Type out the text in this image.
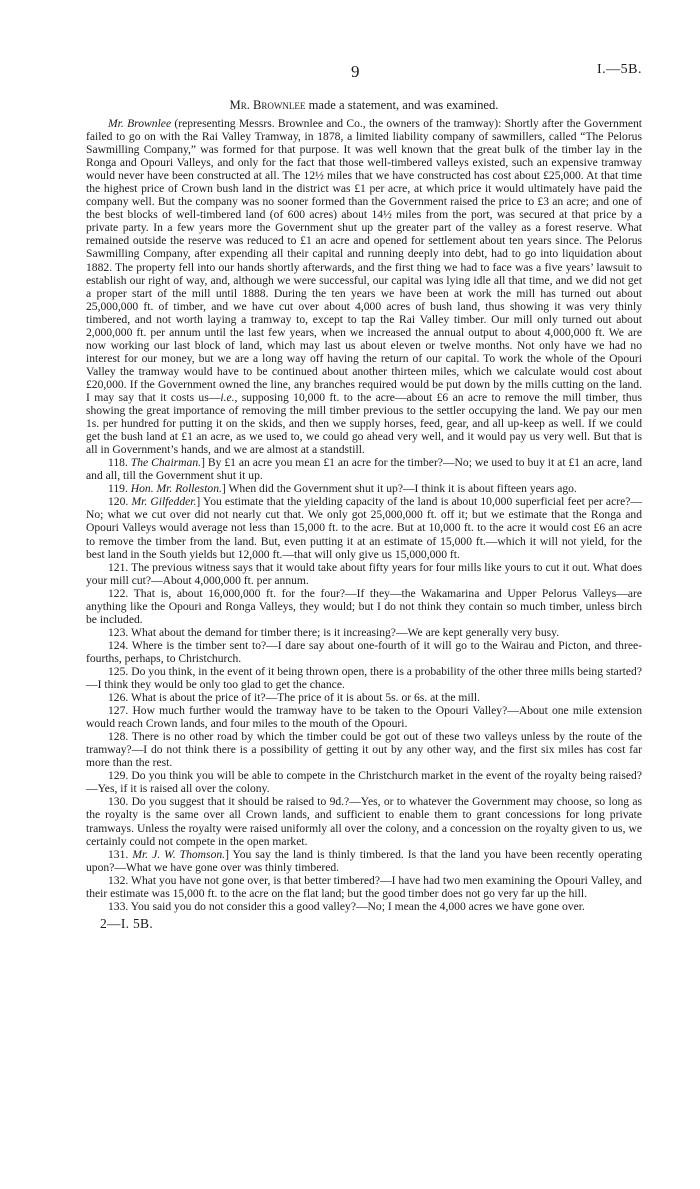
9	I.—5B.
Mr. Brownlee made a statement, and was examined.

Mr. Brownlee (representing Messrs. Brownlee and Co., the owners of the tramway): Shortly after the Government failed to go on with the Rai Valley Tramway, in 1878, a limited liability company of sawmillers, called “The Pelorus Sawmilling Company,” was formed for that purpose. It was well known that the great bulk of the timber lay in the Ronga and Opouri Valleys, and only for the fact that those well-timbered valleys existed, such an expensive tramway would never have been constructed at all. The 12½ miles that we have constructed has cost about £25,000. At that time the highest price of Crown bush land in the district was £1 per acre, at which price it would ultimately have paid the company well. But the company was no sooner formed than the Government raised the price to £3 an acre; and one of the best blocks of well-timbered land (of 600 acres) about 14½ miles from the port, was secured at that price by a private party. In a few years more the Government shut up the greater part of the valley as a forest reserve. What remained outside the reserve was reduced to £1 an acre and opened for settlement about ten years since. The Pelorus Sawmilling Company, after expending all their capital and running deeply into debt, had to go into liquidation about 1882. The property fell into our hands shortly afterwards, and the first thing we had to face was a five years’ lawsuit to establish our right of way, and, although we were successful, our capital was lying idle all that time, and we did not get a proper start of the mill until 1888. During the ten years we have been at work the mill has turned out about 25,000,000 ft. of timber, and we have cut over about 4,000 acres of bush land, thus showing it was very thinly timbered, and not worth laying a tramway to, except to tap the Rai Valley timber. Our mill only turned out about 2,000,000 ft. per annum until the last few years, when we increased the annual output to about 4,000,000 ft. We are now working our last block of land, which may last us about eleven or twelve months. Not only have we had no interest for our money, but we are a long way off having the return of our capital. To work the whole of the Opouri Valley the tramway would have to be continued about another thirteen miles, which we calculate would cost about £20,000. If the Government owned the line, any branches required would be put down by the mills cutting on the land. I may say that it costs us—i.e., supposing 10,000 ft. to the acre—about £6 an acre to remove the mill timber, thus showing the great importance of removing the mill timber previous to the settler occupying the land. We pay our men 1s. per hundred for putting it on the skids, and then we supply horses, feed, gear, and all up-keep as well. If we could get the bush land at £1 an acre, as we used to, we could go ahead very well, and it would pay us very well. But that is all in Government’s hands, and we are almost at a standstill.

118. The Chairman.] By £1 an acre you mean £1 an acre for the timber?—No; we used to buy it at £1 an acre, land and all, till the Government shut it up.

119. Hon. Mr. Rolleston.] When did the Government shut it up?—I think it is about fifteen years ago.

120. Mr. Gilfedder.] You estimate that the yielding capacity of the land is about 10,000 superficial feet per acre?—No; what we cut over did not nearly cut that. We only got 25,000,000 ft. off it; but we estimate that the Ronga and Opouri Valleys would average not less than 15,000 ft. to the acre. But at 10,000 ft. to the acre it would cost £6 an acre to remove the timber from the land. But, even putting it at an estimate of 15,000 ft.—which it will not yield, for the best land in the South yields but 12,000 ft.—that will only give us 15,000,000 ft.

121. The previous witness says that it would take about fifty years for four mills like yours to cut it out. What does your mill cut?—About 4,000,000 ft. per annum.

122. That is, about 16,000,000 ft. for the four?—If they—the Wakamarina and Upper Pelorus Valleys—are anything like the Opouri and Ronga Valleys, they would; but I do not think they contain so much timber, unless birch be included.

123. What about the demand for timber there; is it increasing?—We are kept generally very busy.

124. Where is the timber sent to?—I dare say about one-fourth of it will go to the Wairau and Picton, and three-fourths, perhaps, to Christchurch.

125. Do you think, in the event of it being thrown open, there is a probability of the other three mills being started?—I think they would be only too glad to get the chance.

126. What is about the price of it?—The price of it is about 5s. or 6s. at the mill.

127. How much further would the tramway have to be taken to the Opouri Valley?—About one mile extension would reach Crown lands, and four miles to the mouth of the Opouri.

128. There is no other road by which the timber could be got out of these two valleys unless by the route of the tramway?—I do not think there is a possibility of getting it out by any other way, and the first six miles has cost far more than the rest.

129. Do you think you will be able to compete in the Christchurch market in the event of the royalty being raised?—Yes, if it is raised all over the colony.

130. Do you suggest that it should be raised to 9d.?—Yes, or to whatever the Government may choose, so long as the royalty is the same over all Crown lands, and sufficient to enable them to grant concessions for long private tramways. Unless the royalty were raised uniformly all over the colony, and a concession on the royalty given to us, we certainly could not compete in the open market.

131. Mr. J. W. Thomson.] You say the land is thinly timbered. Is that the land you have been recently operating upon?—What we have gone over was thinly timbered.

132. What you have not gone over, is that better timbered?—I have had two men examining the Opouri Valley, and their estimate was 15,000 ft. to the acre on the flat land; but the good timber does not go very far up the hill.

133. You said you do not consider this a good valley?—No; I mean the 4,000 acres we have gone over.

2—I. 5B.
